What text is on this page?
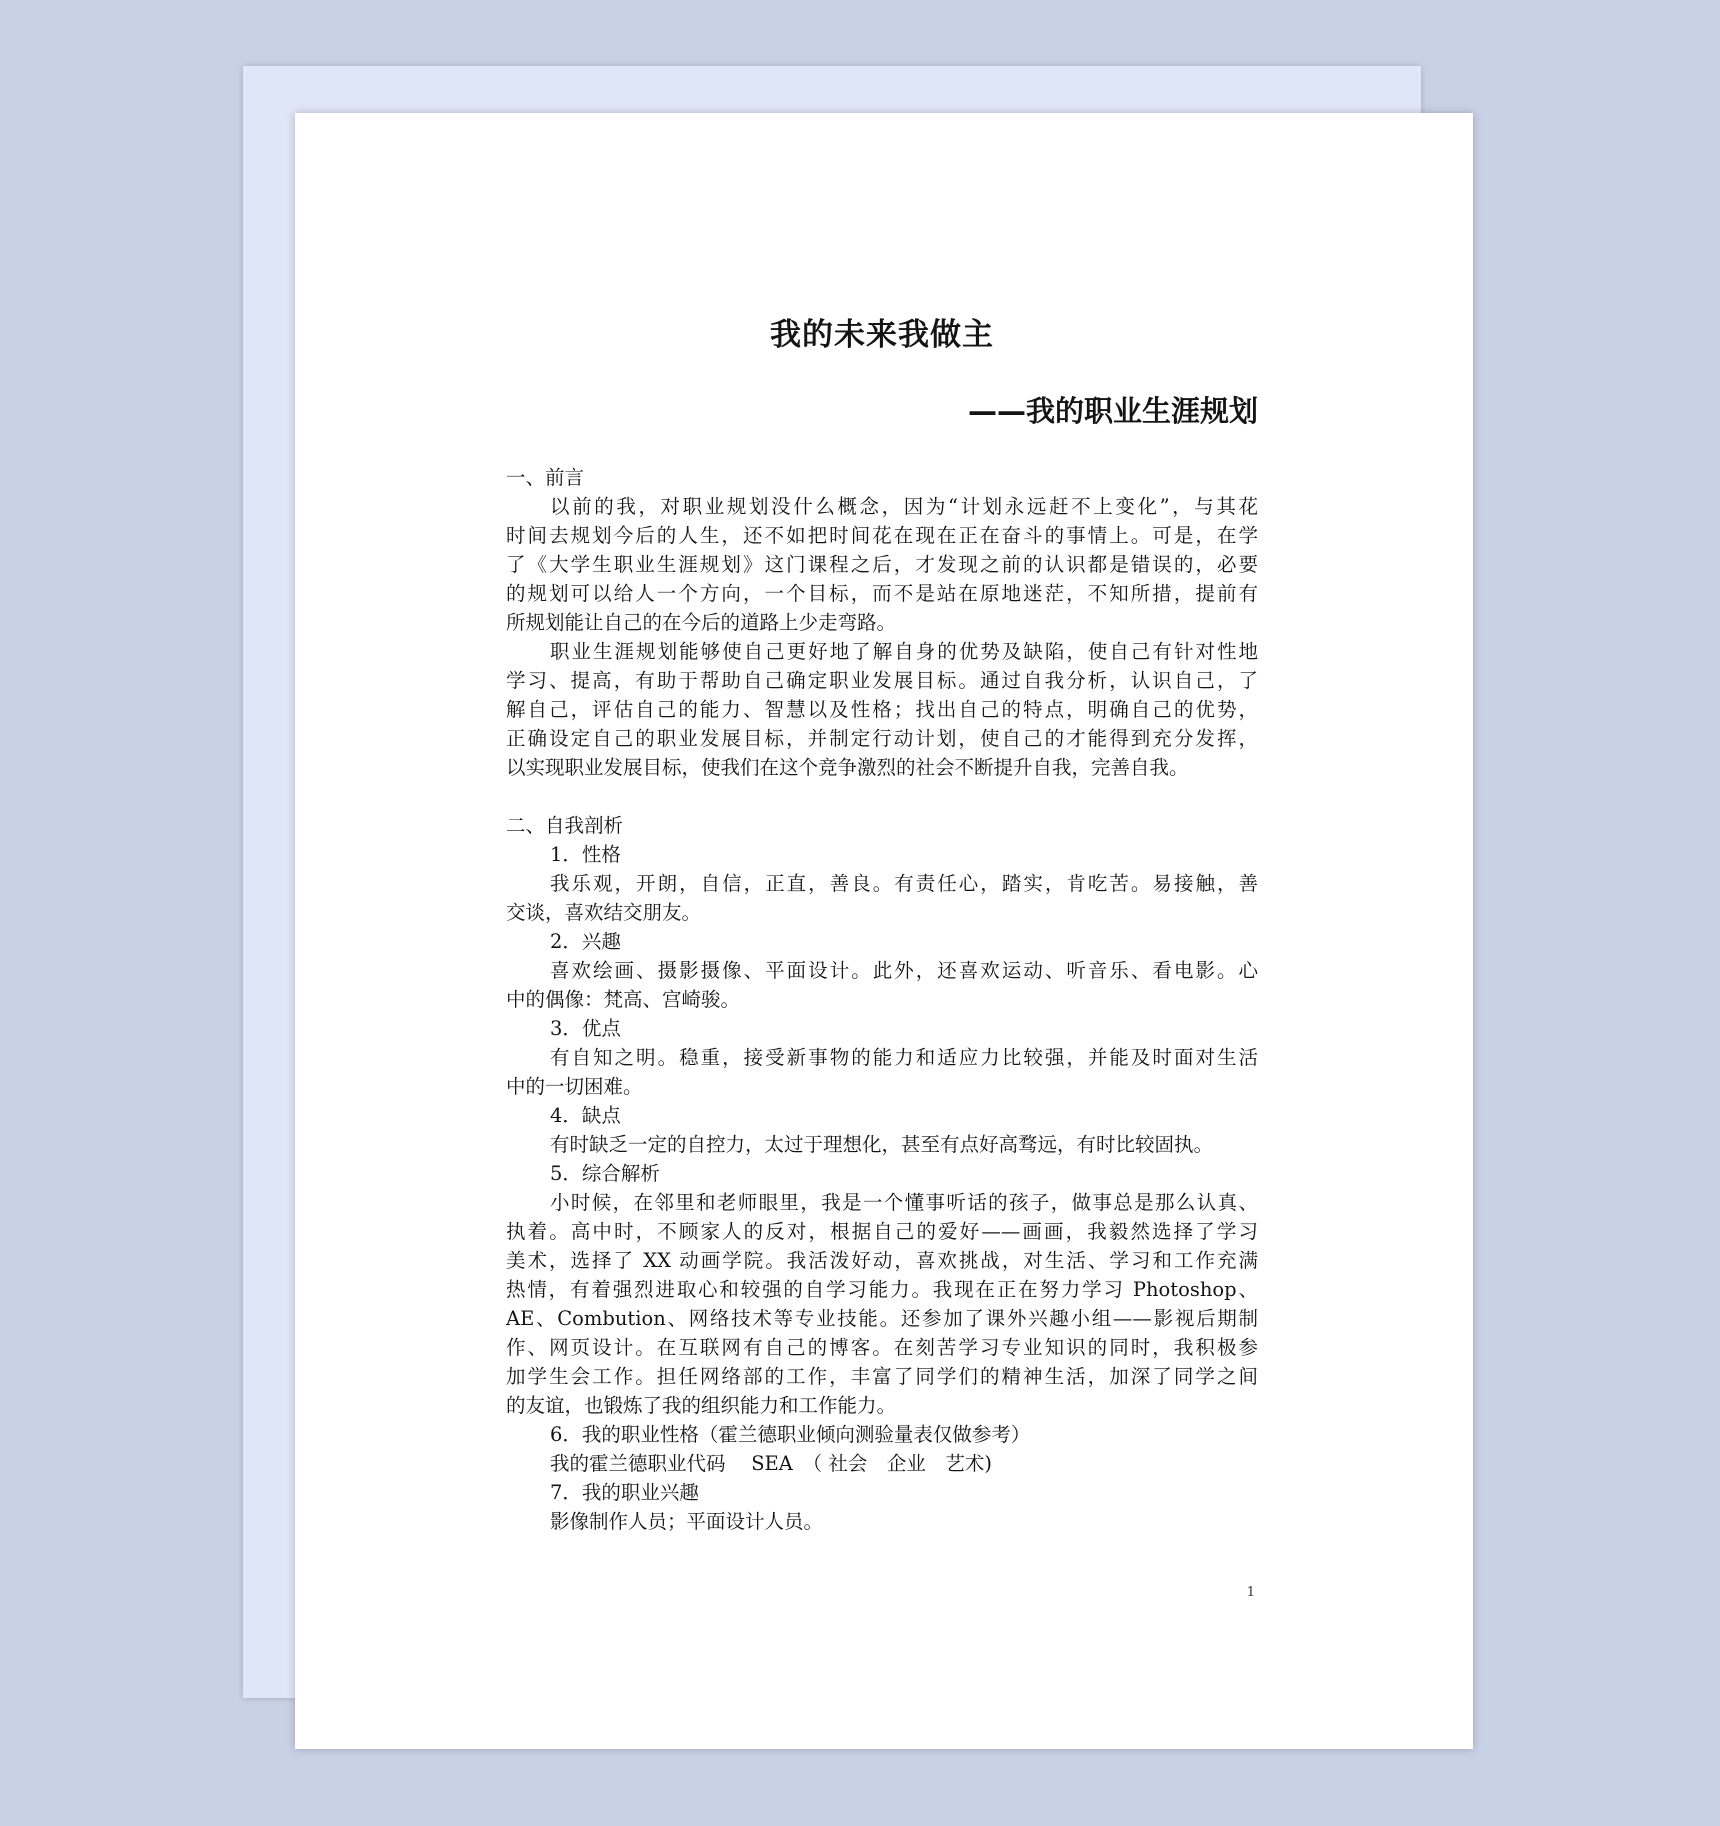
我的未来我做主
——我的职业生涯规划
一、前言
以前的我，对职业规划没什么概念，因为“计划永远赶不上变化”，与其花
时间去规划今后的人生，还不如把时间花在现在正在奋斗的事情上。可是，在学
了《大学生职业生涯规划》这门课程之后，才发现之前的认识都是错误的，必要
的规划可以给人一个方向，一个目标，而不是站在原地迷茫，不知所措，提前有
所规划能让自己的在今后的道路上少走弯路。
职业生涯规划能够使自己更好地了解自身的优势及缺陷，使自己有针对性地
学习、提高，有助于帮助自己确定职业发展目标。通过自我分析，认识自己，了
解自己，评估自己的能力、智慧以及性格；找出自己的特点，明确自己的优势，
正确设定自己的职业发展目标，并制定行动计划，使自己的才能得到充分发挥，
以实现职业发展目标，使我们在这个竞争激烈的社会不断提升自我，完善自我。
二、自我剖析
1．性格
我乐观，开朗，自信，正直，善良。有责任心，踏实，肯吃苦。易接触，善
交谈，喜欢结交朋友。
2．兴趣
喜欢绘画、摄影摄像、平面设计。此外，还喜欢运动、听音乐、看电影。心
中的偶像：梵高、宫崎骏。
3．优点
有自知之明。稳重，接受新事物的能力和适应力比较强，并能及时面对生活
中的一切困难。
4．缺点
有时缺乏一定的自控力，太过于理想化，甚至有点好高骛远，有时比较固执。
5．综合解析
小时候，在邻里和老师眼里，我是一个懂事听话的孩子，做事总是那么认真、
执着。高中时，不顾家人的反对，根据自己的爱好——画画，我毅然选择了学习
美术，选择了 XX 动画学院。我活泼好动，喜欢挑战，对生活、学习和工作充满
热情，有着强烈进取心和较强的自学习能力。我现在正在努力学习 Photoshop、
AE、Combution、网络技术等专业技能。还参加了课外兴趣小组——影视后期制
作、网页设计。在互联网有自己的博客。在刻苦学习专业知识的同时，我积极参
加学生会工作。担任网络部的工作，丰富了同学们的精神生活，加深了同学之间
的友谊，也锻炼了我的组织能力和工作能力。
6．我的职业性格（霍兰德职业倾向测验量表仅做参考）
我的霍兰德职业代码　 SEA　（ 社会　企业　艺术)
7．我的职业兴趣
影像制作人员；平面设计人员。
1
